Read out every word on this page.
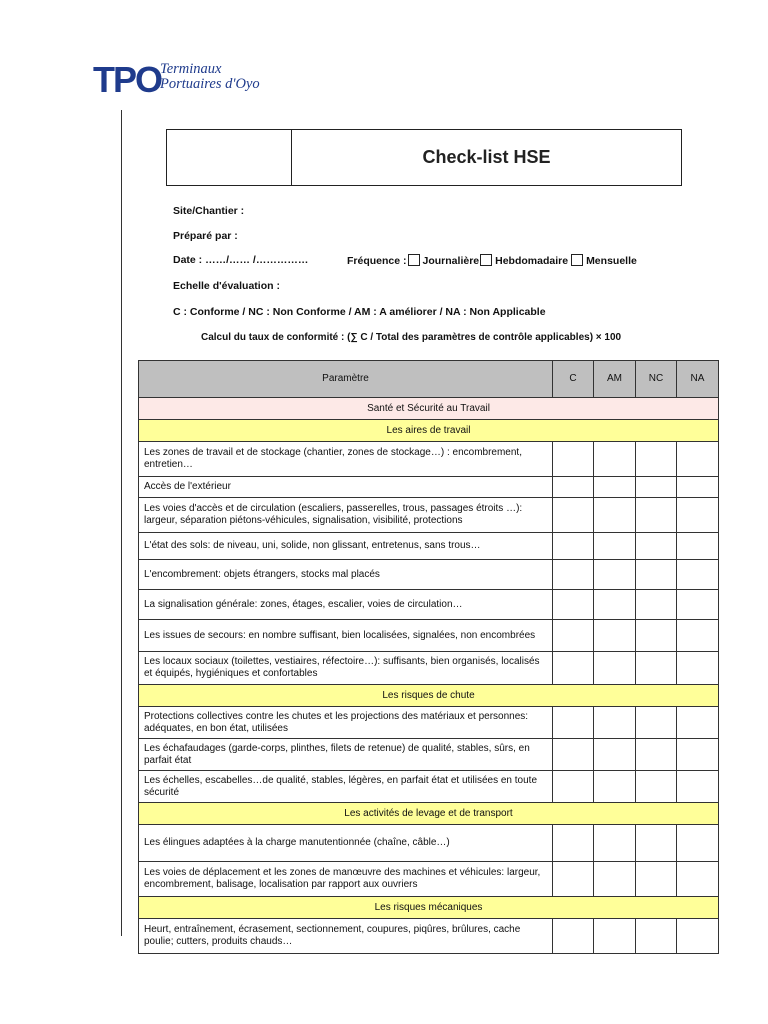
TPO
Terminaux
Portuaires d'Oyo
Check-list HSE
Site/Chantier :
Préparé par :
Date : ……/…… /……………	Fréquence : Journalière Hebdomadaire Mensuelle
Echelle d'évaluation :
C : Conforme / NC : Non Conforme / AM : A améliorer / NA : Non Applicable
Calcul du taux de conformité : (∑ C / Total des paramètres de contrôle applicables) × 100
Paramètre	C	AM	NC	NA
Santé et Sécurité au Travail				
Les aires de travail				
Les zones de travail et de stockage (chantier, zones de stockage…) : encombrement, entretien…				
Accès de l'extérieur				
Les voies d'accès et de circulation (escaliers, passerelles, trous, passages étroits …): largeur, séparation piétons-véhicules, signalisation, visibilité, protections				
L'état des sols: de niveau, uni, solide, non glissant, entretenus, sans trous…				
L'encombrement: objets étrangers, stocks mal placés				
La signalisation générale: zones, étages, escalier, voies de circulation…				
Les issues de secours: en nombre suffisant, bien localisées, signalées, non encombrées				
Les locaux sociaux (toilettes, vestiaires, réfectoire…): suffisants, bien organisés, localisés et équipés, hygiéniques et confortables				
Les risques de chute				
Protections collectives contre les chutes et les projections des matériaux et personnes: adéquates, en bon état, utilisées				
Les échafaudages (garde-corps, plinthes, filets de retenue) de qualité, stables, sûrs, en parfait état				
Les échelles, escabelles…de qualité, stables, légères, en parfait état et utilisées en toute sécurité				
Les activités de levage et de transport				
Les élingues adaptées à la charge manutentionnée (chaîne, câble…)				
Les voies de déplacement et les zones de manœuvre des machines et véhicules: largeur, encombrement, balisage, localisation par rapport aux ouvriers				
Les risques mécaniques				
Heurt, entraînement, écrasement, sectionnement, coupures, piqûres, brûlures, cache poulie; cutters, produits chauds…				
